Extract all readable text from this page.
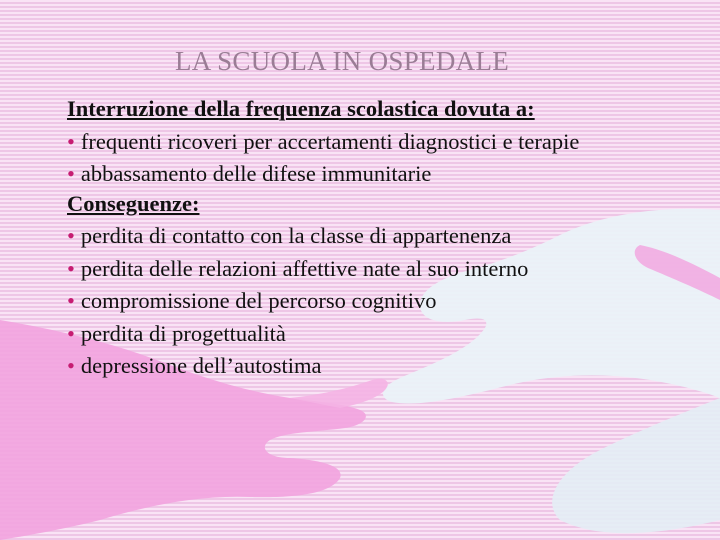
LA SCUOLA IN OSPEDALE

Interruzione della frequenza scolastica dovuta a:

• frequenti ricoveri per accertamenti diagnostici e terapie

• abbassamento delle difese immunitarie

Conseguenze:

• perdita di contatto con la classe di appartenenza

• perdita delle relazioni affettive nate al suo interno

• compromissione del percorso cognitivo

• perdita di progettualità

• depressione dell’autostima
